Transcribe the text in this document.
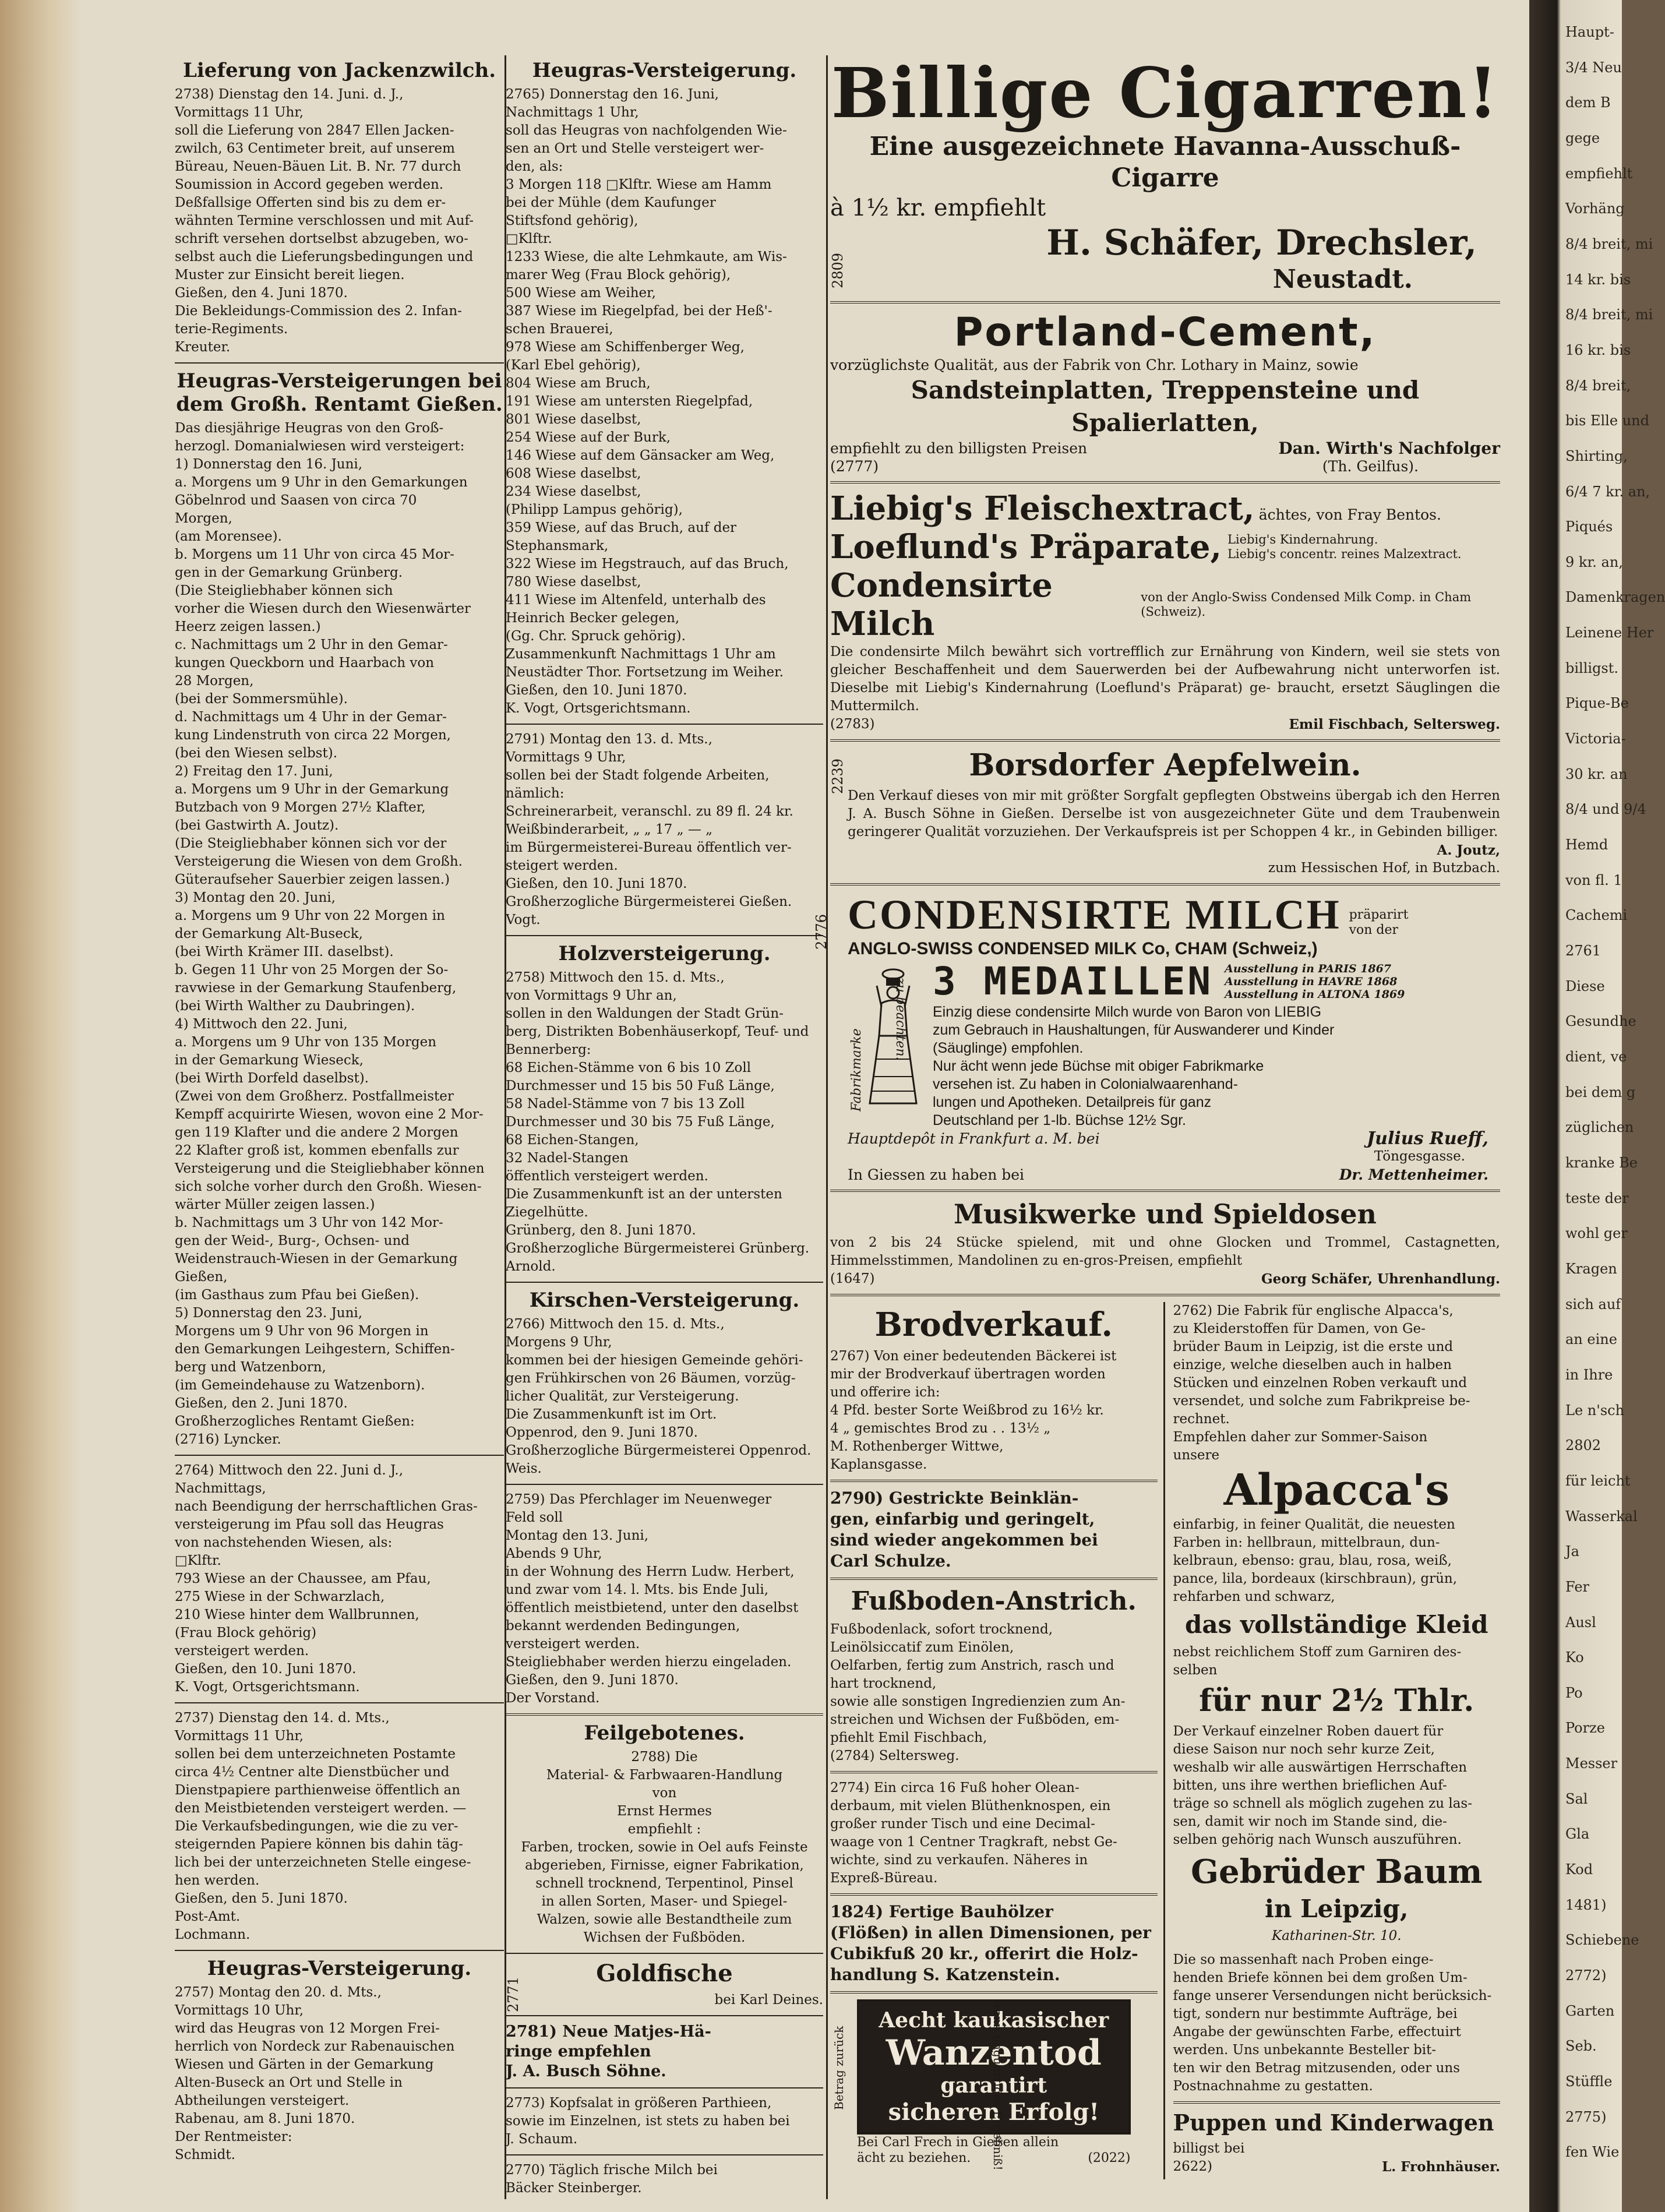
Lieferung von Jackenzwilch.
2738) Dienstag den 14. Juni. d. J.,
Vormittags 11 Uhr,
soll die Lieferung von 2847 Ellen Jacken-
zwilch, 63 Centimeter breit, auf unserem
Büreau, Neuen-Bäuen Lit. B. Nr. 77 durch
Soumission in Accord gegeben werden.
Deßfallsige Offerten sind bis zu dem er-
wähnten Termine verschlossen und mit Auf-
schrift versehen dortselbst abzugeben, wo-
selbst auch die Lieferungsbedingungen und
Muster zur Einsicht bereit liegen.
Gießen, den 4. Juni 1870.
Die Bekleidungs-Commission des 2. Infan-
terie-Regiments.
Kreuter.
Heugras-Versteigerungen bei dem Großh. Rentamt Gießen.
Das diesjährige Heugras von den Groß-
herzogl. Domanialwiesen wird versteigert:
1) Donnerstag den 16. Juni,
a. Morgens um 9 Uhr in den Gemarkungen
Göbelnrod und Saasen von circa 70
Morgen,
(am Morensee).
b. Morgens um 11 Uhr von circa 45 Mor-
gen in der Gemarkung Grünberg.
(Die Steigliebhaber können sich
vorher die Wiesen durch den Wiesenwärter
Heerz zeigen lassen.)
c. Nachmittags um 2 Uhr in den Gemar-
kungen Queckborn und Haarbach von
28 Morgen,
(bei der Sommersmühle).
d. Nachmittags um 4 Uhr in der Gemar-
kung Lindenstruth von circa 22 Morgen,
(bei den Wiesen selbst).
2) Freitag den 17. Juni,
a. Morgens um 9 Uhr in der Gemarkung
Butzbach von 9 Morgen 27½ Klafter,
(bei Gastwirth A. Joutz).
(Die Steigliebhaber können sich vor der
Versteigerung die Wiesen von dem Großh.
Güteraufseher Sauerbier zeigen lassen.)
3) Montag den 20. Juni,
a. Morgens um 9 Uhr von 22 Morgen in
der Gemarkung Alt-Buseck,
(bei Wirth Krämer III. daselbst).
b. Gegen 11 Uhr von 25 Morgen der So-
ravwiese in der Gemarkung Staufenberg,
(bei Wirth Walther zu Daubringen).
4) Mittwoch den 22. Juni,
a. Morgens um 9 Uhr von 135 Morgen
in der Gemarkung Wieseck,
(bei Wirth Dorfeld daselbst).
(Zwei von dem Großherz. Postfallmeister
Kempff acquirirte Wiesen, wovon eine 2 Mor-
gen 119 Klafter und die andere 2 Morgen
22 Klafter groß ist, kommen ebenfalls zur
Versteigerung und die Steigliebhaber können
sich solche vorher durch den Großh. Wiesen-
wärter Müller zeigen lassen.)
b. Nachmittags um 3 Uhr von 142 Mor-
gen der Weid-, Burg-, Ochsen- und
Weidenstrauch-Wiesen in der Gemarkung
Gießen,
(im Gasthaus zum Pfau bei Gießen).
5) Donnerstag den 23. Juni,
Morgens um 9 Uhr von 96 Morgen in
den Gemarkungen Leihgestern, Schiffen-
berg und Watzenborn,
(im Gemeindehause zu Watzenborn).
Gießen, den 2. Juni 1870.
Großherzogliches Rentamt Gießen:
(2716) Lyncker.
2764) Mittwoch den 22. Juni d. J.,
Nachmittags,
nach Beendigung der herrschaftlichen Gras-
versteigerung im Pfau soll das Heugras
von nachstehenden Wiesen, als:
□Klftr.
793 Wiese an der Chaussee, am Pfau,
275 Wiese in der Schwarzlach,
210 Wiese hinter dem Wallbrunnen,
(Frau Block gehörig)
versteigert werden.
Gießen, den 10. Juni 1870.
K. Vogt, Ortsgerichtsmann.
2737) Dienstag den 14. d. Mts.,
Vormittags 11 Uhr,
sollen bei dem unterzeichneten Postamte
circa 4½ Centner alte Dienstbücher und
Dienstpapiere parthienweise öffentlich an
den Meistbietenden versteigert werden. —
Die Verkaufsbedingungen, wie die zu ver-
steigernden Papiere können bis dahin täg-
lich bei der unterzeichneten Stelle eingese-
hen werden.
Gießen, den 5. Juni 1870.
Post-Amt.
Lochmann.
Heugras-Versteigerung.
2757) Montag den 20. d. Mts.,
Vormittags 10 Uhr,
wird das Heugras von 12 Morgen Frei-
herrlich von Nordeck zur Rabenauischen
Wiesen und Gärten in der Gemarkung
Alten-Buseck an Ort und Stelle in
Abtheilungen versteigert.
Rabenau, am 8. Juni 1870.
Der Rentmeister:
Schmidt.
Heugras-Versteigerung.
2765) Donnerstag den 16. Juni,
Nachmittags 1 Uhr,
soll das Heugras von nachfolgenden Wie-
sen an Ort und Stelle versteigert wer-
den, als:
3 Morgen 118 □Klftr. Wiese am Hamm
bei der Mühle (dem Kaufunger
Stiftsfond gehörig),
□Klftr.
1233 Wiese, die alte Lehmkaute, am Wis-
marer Weg (Frau Block gehörig),
500 Wiese am Weiher,
387 Wiese im Riegelpfad, bei der Heß'-
schen Brauerei,
978 Wiese am Schiffenberger Weg,
(Karl Ebel gehörig),
804 Wiese am Bruch,
191 Wiese am untersten Riegelpfad,
801 Wiese daselbst,
254 Wiese auf der Burk,
146 Wiese auf dem Gänsacker am Weg,
608 Wiese daselbst,
234 Wiese daselbst,
(Philipp Lampus gehörig),
359 Wiese, auf das Bruch, auf der
Stephansmark,
322 Wiese im Hegstrauch, auf das Bruch,
780 Wiese daselbst,
411 Wiese im Altenfeld, unterhalb des
Heinrich Becker gelegen,
(Gg. Chr. Spruck gehörig).
Zusammenkunft Nachmittags 1 Uhr am
Neustädter Thor. Fortsetzung im Weiher.
Gießen, den 10. Juni 1870.
K. Vogt, Ortsgerichtsmann.
2791) Montag den 13. d. Mts.,
Vormittags 9 Uhr,
sollen bei der Stadt folgende Arbeiten,
nämlich:
Schreinerarbeit, veranschl. zu 89 fl. 24 kr.
Weißbinderarbeit, „ „ 17 „ — „
im Bürgermeisterei-Bureau öffentlich ver-
steigert werden.
Gießen, den 10. Juni 1870.
Großherzogliche Bürgermeisterei Gießen.
Vogt.
Holzversteigerung.
2758) Mittwoch den 15. d. Mts.,
von Vormittags 9 Uhr an,
sollen in den Waldungen der Stadt Grün-
berg, Distrikten Bobenhäuserkopf, Teuf- und
Bennerberg:
68 Eichen-Stämme von 6 bis 10 Zoll
Durchmesser und 15 bis 50 Fuß Länge,
58 Nadel-Stämme von 7 bis 13 Zoll
Durchmesser und 30 bis 75 Fuß Länge,
68 Eichen-Stangen,
32 Nadel-Stangen
öffentlich versteigert werden.
Die Zusammenkunft ist an der untersten
Ziegelhütte.
Grünberg, den 8. Juni 1870.
Großherzogliche Bürgermeisterei Grünberg.
Arnold.
Kirschen-Versteigerung.
2766) Mittwoch den 15. d. Mts.,
Morgens 9 Uhr,
kommen bei der hiesigen Gemeinde gehöri-
gen Frühkirschen von 26 Bäumen, vorzüg-
licher Qualität, zur Versteigerung.
Die Zusammenkunft ist im Ort.
Oppenrod, den 9. Juni 1870.
Großherzogliche Bürgermeisterei Oppenrod.
Weis.
2759) Das Pferchlager im Neuenweger
Feld soll
Montag den 13. Juni,
Abends 9 Uhr,
in der Wohnung des Herrn Ludw. Herbert,
und zwar vom 14. l. Mts. bis Ende Juli,
öffentlich meistbietend, unter den daselbst
bekannt werdenden Bedingungen,
versteigert werden.
Steigliebhaber werden hierzu eingeladen.
Gießen, den 9. Juni 1870.
Der Vorstand.
Feilgebotenes.
2788) Die
Material- & Farbwaaren-Handlung
von
Ernst Hermes
empfiehlt :
Farben, trocken, sowie in Oel aufs Feinste
abgerieben, Firnisse, eigner Fabrikation,
schnell trocknend, Terpentinol, Pinsel
in allen Sorten, Maser- und Spiegel-
Walzen, sowie alle Bestandtheile zum
Wichsen der Fußböden.
2771
Goldfische
bei Karl Deines.
2781) Neue Matjes-Hä-
ringe empfehlen
J. A. Busch Söhne.
2773) Kopfsalat in größeren Parthieen,
sowie im Einzelnen, ist stets zu haben bei
J. Schaum.
2770) Täglich frische Milch bei
Bäcker Steinberger.
2809
Billige Cigarren!
Eine ausgezeichnete Havanna-Ausschuß-Cigarre
à 1½ kr. empfiehlt
H. Schäfer, Drechsler,
Neustadt.
Portland-Cement,
vorzüglichste Qualität, aus der Fabrik von Chr. Lothary in Mainz, sowie
Sandsteinplatten, Treppensteine und Spalierlatten,
empfiehlt zu den billigsten Preisen	Dan. Wirth's Nachfolger
(2777)	(Th. Geilfus).
Liebig's Fleischextract, ächtes, von Fray Bentos.
Loeflund's Präparate, Liebig's Kindernahrung.
Liebig's concentr. reines Malzextract.
Condensirte Milch
von der Anglo-Swiss Condensed Milk Comp. in Cham (Schweiz).

Die condensirte Milch bewährt sich vortrefflich zur Ernährung von Kindern, weil sie stets von gleicher Beschaffenheit und dem Sauerwerden bei der Aufbewahrung nicht unterworfen ist. Dieselbe mit Liebig's Kindernahrung (Loeflund's Präparat) ge- braucht, ersetzt Säuglingen die Muttermilch.

(2783)	Emil Fischbach, Seltersweg.
2239	Borsdorfer Aepfelwein.

Den Verkauf dieses von mir mit größter Sorgfalt gepflegten Obstweins übergab ich den Herren J. A. Busch Söhne in Gießen. Derselbe ist von ausgezeichneter Güte und dem Traubenwein geringerer Qualität vorzuziehen. Der Verkaufspreis ist per Schoppen 4 kr., in Gebinden billiger.

A. Joutz,
zum Hessischen Hof, in Butzbach.
2776 CONDENSIRTE MILCH präparirt von der
ANGLO-SWISS CONDENSED MILK Co, CHAM (Schweiz,)
Fabrikmarke
zu beachten. 3 MEDAILLEN Ausstellung in PARIS 1867
Ausstellung in HAVRE 1868
Ausstellung in ALTONA 1869
Einzig diese condensirte Milch wurde von Baron von LIEBIG
zum Gebrauch in Haushaltungen, für Auswanderer und Kinder
(Säuglinge) empfohlen.
Nur ächt wenn jede Büchse mit obiger Fabrikmarke
versehen ist. Zu haben in Colonialwaarenhand-
lungen und Apotheken. Detailpreis für ganz
Deutschland per 1-lb. Büchse 12½ Sgr.
Hauptdepôt in Frankfurt a. M. bei	Julius Rueff,
Töngesgasse.
In Giessen zu haben bei	Dr. Mettenheimer.
Musikwerke und Spieldosen

von 2 bis 24 Stücke spielend, mit und ohne Glocken und Trommel, Castagnetten, Himmelsstimmen, Mandolinen zu en-gros-Preisen, empfiehlt

(1647)	Georg Schäfer, Uhrenhandlung.
Brodverkauf.
2767) Von einer bedeutenden Bäckerei ist
mir der Brodverkauf übertragen worden
und offerire ich:
4 Pfd. bester Sorte Weißbrod zu 16½ kr.
4 „ gemischtes Brod zu . . 13½ „
M. Rothenberger Wittwe,
Kaplansgasse.
2790) Gestrickte Beinklän-
gen, einfarbig und geringelt,
sind wieder angekommen bei
Carl Schulze.
Fußboden-Anstrich.
Fußbodenlack, sofort trocknend,
Leinölsiccatif zum Einölen,
Oelfarben, fertig zum Anstrich, rasch und
hart trocknend,
sowie alle sonstigen Ingredienzien zum An-
streichen und Wichsen der Fußböden, em-
pfiehlt Emil Fischbach,
(2784) Seltersweg.
2774) Ein circa 16 Fuß hoher Olean-
derbaum, mit vielen Blüthenknospen, ein
großer runder Tisch und eine Decimal-
waage von 1 Centner Tragkraft, nebst Ge-
wichte, sind zu verkaufen. Näheres in
Expreß-Büreau.
1824) Fertige Bauhölzer
(Flößen) in allen Dimensionen, per
Cubikfuß 20 kr., offerirt die Holz-
handlung S. Katzenstein.
Betrag zurück
Aecht kaukasischer
Wanzentod
garantirt
sicheren Erfolg!
wenn ungünstiges Ergebniß!
Bei Carl Frech in Gießen allein
ächt zu beziehen.	(2022)
2762) Die Fabrik für englische Alpacca's,
zu Kleiderstoffen für Damen, von Ge-
brüder Baum in Leipzig, ist die erste und
einzige, welche dieselben auch in halben
Stücken und einzelnen Roben verkauft und
versendet, und solche zum Fabrikpreise be-
rechnet.
Empfehlen daher zur Sommer-Saison
unsere
Alpacca's
einfarbig, in feiner Qualität, die neuesten
Farben in: hellbraun, mittelbraun, dun-
kelbraun, ebenso: grau, blau, rosa, weiß,
pance, lila, bordeaux (kirschbraun), grün,
rehfarben und schwarz,
das vollständige Kleid
nebst reichlichem Stoff zum Garniren des-
selben
für nur 2½ Thlr.
Der Verkauf einzelner Roben dauert für
diese Saison nur noch sehr kurze Zeit,
weshalb wir alle auswärtigen Herrschaften
bitten, uns ihre werthen brieflichen Auf-
träge so schnell als möglich zugehen zu las-
sen, damit wir noch im Stande sind, die-
selben gehörig nach Wunsch auszuführen.
Gebrüder Baum
in Leipzig,
Katharinen-Str. 10.
Die so massenhaft nach Proben einge-
henden Briefe können bei dem großen Um-
fange unserer Versendungen nicht berücksich-
tigt, sondern nur bestimmte Aufträge, bei
Angabe der gewünschten Farbe, effectuirt
werden. Uns unbekannte Besteller bit-
ten wir den Betrag mitzusenden, oder uns
Postnachnahme zu gestatten.
Puppen und Kinderwagen
billigst bei
2622)	L. Frohnhäuser.
Haupt-
3/4 Neu
dem B
gege
empfiehlt
Vorhäng
8/4 breit, mi
14 kr. bis
8/4 breit, mi
16 kr. bis
8/4 breit,
bis Elle und
Shirting,
6/4 7 kr. an,
Piqués
9 kr. an,
Damenkragen
Leinene Her
billigst.
Pique-Be
Victoria-
30 kr. an
8/4 und 9/4
Hemd
von fl. 1
Cachemi
2761
Diese
Gesundhe
dient, ve
bei dem g
züglichen
kranke Be
teste der
wohl ger
Kragen
sich auf
an eine
in Ihre
Le n'sch
2802
für leicht
Wasserkal
Ja
Fer
Ausl
Ko
Po
Porze
Messer
Sal
Gla
Kod
1481)
Schiebene
2772)
Garten
Seb.
Stüffle
2775)
fen Wie
